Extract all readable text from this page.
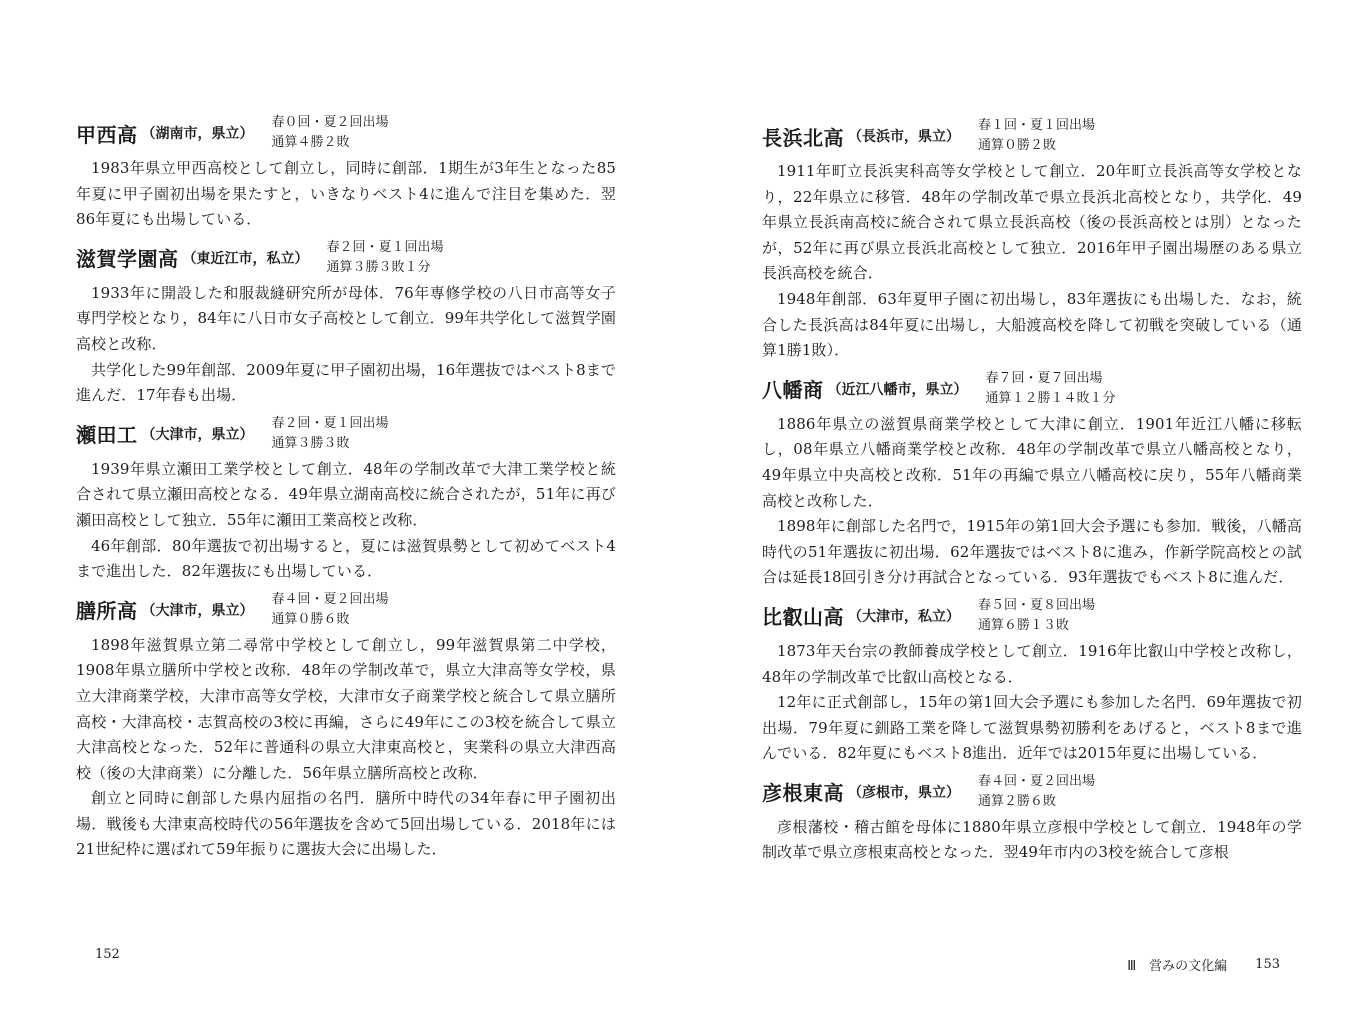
甲西高 （湖南市，県立）
春０回・夏２回出場
通算４勝２敗

1983年県立甲西高校として創立し，同時に創部．1期生が3年生となった85年夏に甲子園初出場を果たすと，いきなりベスト4に進んで注目を集めた．翌86年夏にも出場している．

滋賀学園高 （東近江市，私立）
春２回・夏１回出場
通算３勝３敗１分

1933年に開設した和服裁縫研究所が母体．76年専修学校の八日市高等女子専門学校となり，84年に八日市女子高校として創立．99年共学化して滋賀学園高校と改称．

共学化した99年創部．2009年夏に甲子園初出場，16年選抜ではベスト8まで進んだ．17年春も出場．

瀬田工 （大津市，県立）
春２回・夏１回出場
通算３勝３敗

1939年県立瀬田工業学校として創立．48年の学制改革で大津工業学校と統合されて県立瀬田高校となる．49年県立湖南高校に統合されたが，51年に再び瀬田高校として独立．55年に瀬田工業高校と改称．

46年創部．80年選抜で初出場すると，夏には滋賀県勢として初めてベスト4まで進出した．82年選抜にも出場している．

膳所高 （大津市，県立）
春４回・夏２回出場
通算０勝６敗

1898年滋賀県立第二尋常中学校として創立し，99年滋賀県第二中学校，1908年県立膳所中学校と改称．48年の学制改革で，県立大津高等女学校，県立大津商業学校，大津市高等女学校，大津市女子商業学校と統合して県立膳所高校・大津高校・志賀高校の3校に再編，さらに49年にこの3校を統合して県立大津高校となった．52年に普通科の県立大津東高校と，実業科の県立大津西高校（後の大津商業）に分離した．56年県立膳所高校と改称．

創立と同時に創部した県内屈指の名門．膳所中時代の34年春に甲子園初出場．戦後も大津東高校時代の56年選抜を含めて5回出場している．2018年には21世紀枠に選ばれて59年振りに選抜大会に出場した．

152
長浜北高 （長浜市，県立）
春１回・夏１回出場
通算０勝２敗

1911年町立長浜実科高等女学校として創立．20年町立長浜高等女学校となり，22年県立に移管．48年の学制改革で県立長浜北高校となり，共学化．49年県立長浜南高校に統合されて県立長浜高校（後の長浜高校とは別）となったが，52年に再び県立長浜北高校として独立．2016年甲子園出場歴のある県立長浜高校を統合．

1948年創部．63年夏甲子園に初出場し，83年選抜にも出場した．なお，統合した長浜高は84年夏に出場し，大船渡高校を降して初戦を突破している（通算1勝1敗）．

八幡商 （近江八幡市，県立）
春７回・夏７回出場
通算１２勝１４敗１分

1886年県立の滋賀県商業学校として大津に創立．1901年近江八幡に移転し，08年県立八幡商業学校と改称．48年の学制改革で県立八幡高校となり，49年県立中央高校と改称．51年の再編で県立八幡高校に戻り，55年八幡商業高校と改称した．

1898年に創部した名門で，1915年の第1回大会予選にも参加．戦後，八幡高時代の51年選抜に初出場．62年選抜ではベスト8に進み，作新学院高校との試合は延長18回引き分け再試合となっている．93年選抜でもベスト8に進んだ．

比叡山高 （大津市，私立）
春５回・夏８回出場
通算６勝１３敗

1873年天台宗の教師養成学校として創立．1916年比叡山中学校と改称し，48年の学制改革で比叡山高校となる．

12年に正式創部し，15年の第1回大会予選にも参加した名門．69年選抜で初出場．79年夏に釧路工業を降して滋賀県勢初勝利をあげると，ベスト8まで進んでいる．82年夏にもベスト8進出．近年では2015年夏に出場している．

彦根東高 （彦根市，県立）
春４回・夏２回出場
通算２勝６敗

彦根藩校・稽古館を母体に1880年県立彦根中学校として創立．1948年の学制改革で県立彦根東高校となった．翌49年市内の3校を統合して彦根

Ⅲ　営みの文化編 153
